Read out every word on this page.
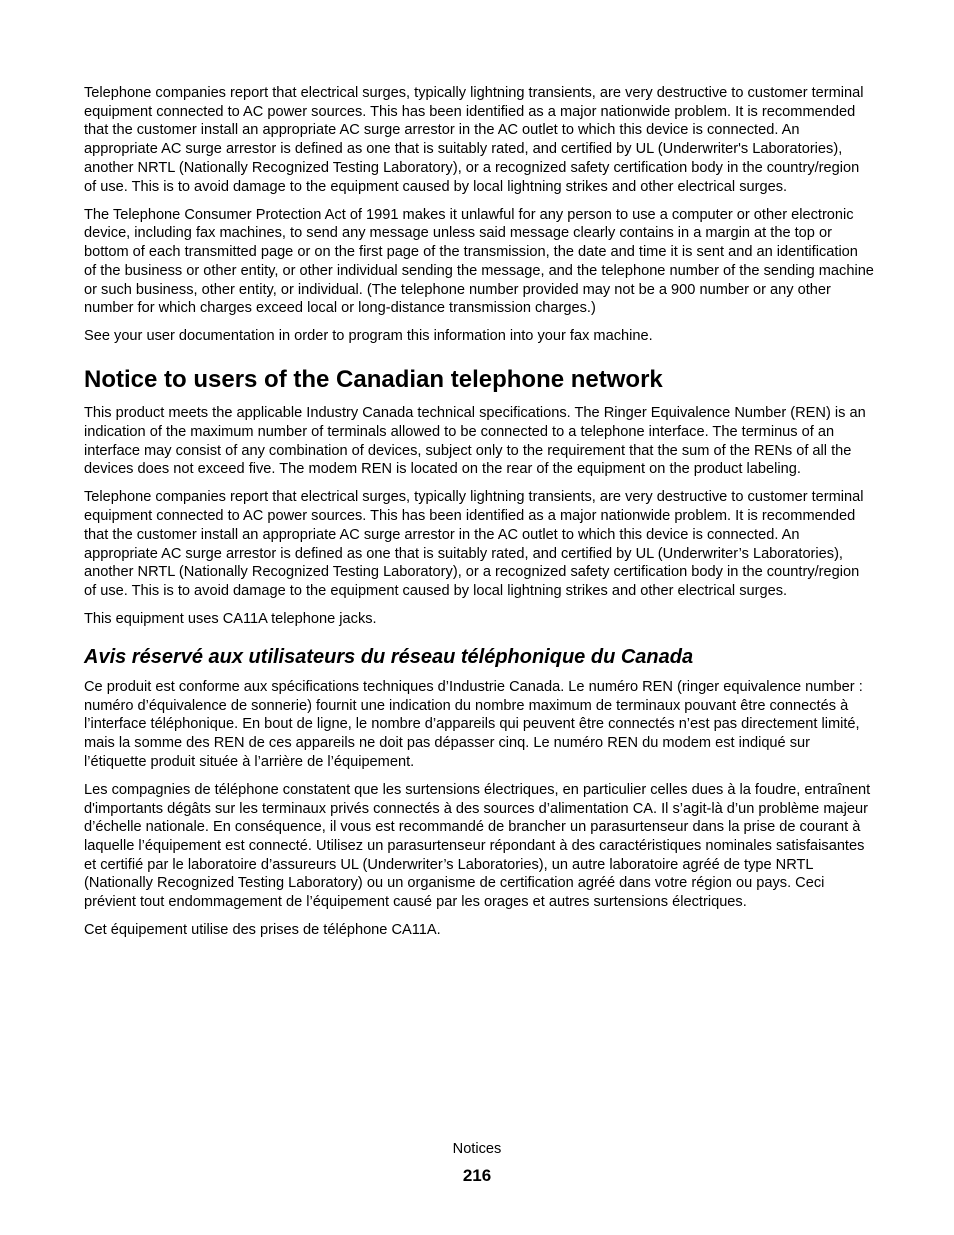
Telephone companies report that electrical surges, typically lightning transients, are very destructive to customer terminal equipment connected to AC power sources. This has been identified as a major nationwide problem. It is recommended that the customer install an appropriate AC surge arrestor in the AC outlet to which this device is connected. An appropriate AC surge arrestor is defined as one that is suitably rated, and certified by UL (Underwriter's Laboratories), another NRTL (Nationally Recognized Testing Laboratory), or a recognized safety certification body in the country/region of use. This is to avoid damage to the equipment caused by local lightning strikes and other electrical surges.

The Telephone Consumer Protection Act of 1991 makes it unlawful for any person to use a computer or other electronic device, including fax machines, to send any message unless said message clearly contains in a margin at the top or bottom of each transmitted page or on the first page of the transmission, the date and time it is sent and an identification of the business or other entity, or other individual sending the message, and the telephone number of the sending machine or such business, other entity, or individual. (The telephone number provided may not be a 900 number or any other number for which charges exceed local or long-distance transmission charges.)

See your user documentation in order to program this information into your fax machine.

Notice to users of the Canadian telephone network

This product meets the applicable Industry Canada technical specifications. The Ringer Equivalence Number (REN) is an indication of the maximum number of terminals allowed to be connected to a telephone interface. The terminus of an interface may consist of any combination of devices, subject only to the requirement that the sum of the RENs of all the devices does not exceed five. The modem REN is located on the rear of the equipment on the product labeling.

Telephone companies report that electrical surges, typically lightning transients, are very destructive to customer terminal equipment connected to AC power sources. This has been identified as a major nationwide problem. It is recommended that the customer install an appropriate AC surge arrestor in the AC outlet to which this device is connected. An appropriate AC surge arrestor is defined as one that is suitably rated, and certified by UL (Underwriter’s Laboratories), another NRTL (Nationally Recognized Testing Laboratory), or a recognized safety certification body in the country/region of use. This is to avoid damage to the equipment caused by local lightning strikes and other electrical surges.

This equipment uses CA11A telephone jacks.

Avis réservé aux utilisateurs du réseau téléphonique du Canada

Ce produit est conforme aux spécifications techniques d’Industrie Canada. Le numéro REN (ringer equivalence number : numéro d’équivalence de sonnerie) fournit une indication du nombre maximum de terminaux pouvant être connectés à l’interface téléphonique. En bout de ligne, le nombre d’appareils qui peuvent être connectés n’est pas directement limité, mais la somme des REN de ces appareils ne doit pas dépasser cinq. Le numéro REN du modem est indiqué sur l’étiquette produit située à l’arrière de l’équipement.

Les compagnies de téléphone constatent que les surtensions électriques, en particulier celles dues à la foudre, entraînent d'importants dégâts sur les terminaux privés connectés à des sources d’alimentation CA. Il s’agit-là d’un problème majeur d’échelle nationale. En conséquence, il vous est recommandé de brancher un parasurtenseur dans la prise de courant à laquelle l’équipement est connecté. Utilisez un parasurtenseur répondant à des caractéristiques nominales satisfaisantes et certifié par le laboratoire d’assureurs UL (Underwriter’s Laboratories), un autre laboratoire agréé de type NRTL (Nationally Recognized Testing Laboratory) ou un organisme de certification agréé dans votre région ou pays. Ceci prévient tout endommagement de l’équipement causé par les orages et autres surtensions électriques.

Cet équipement utilise des prises de téléphone CA11A.

Notices
216
